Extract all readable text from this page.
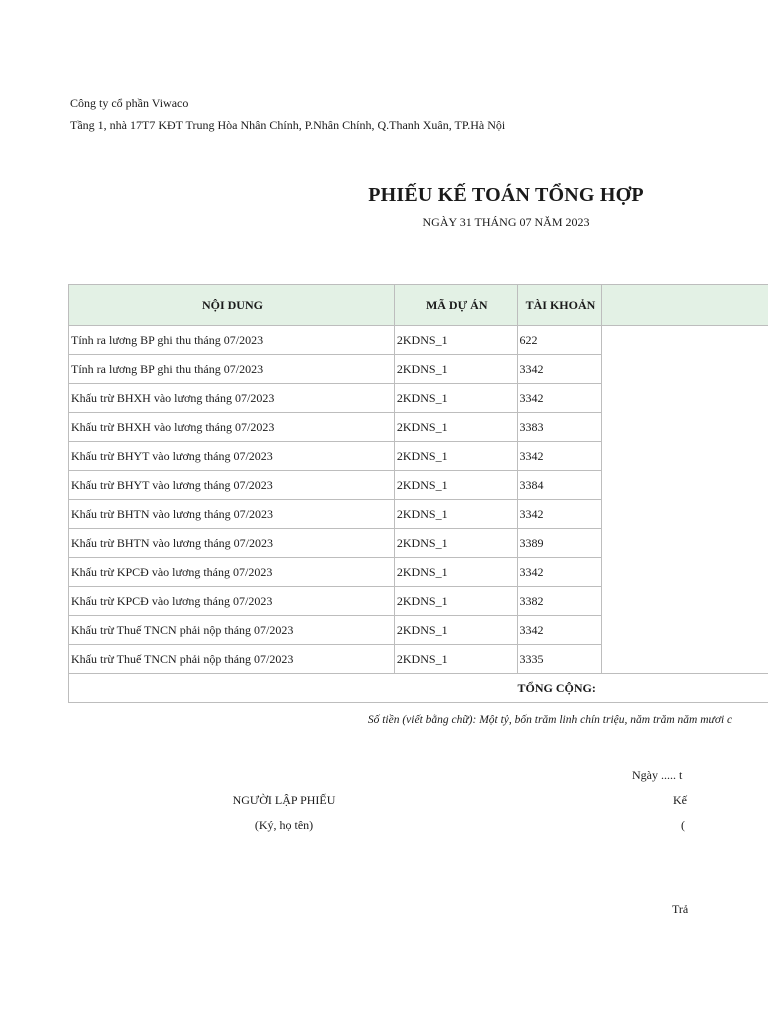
Công ty cổ phần Viwaco
Tầng 1, nhà 17T7 KĐT Trung Hòa Nhân Chính, P.Nhân Chính, Q.Thanh Xuân, TP.Hà Nội
PHIẾU KẾ TOÁN TỔNG HỢP
NGÀY 31 THÁNG 07 NĂM 2023
NỘI DUNG	MÃ DỰ ÁN	TÀI KHOẢN	
Tính ra lương BP ghi thu tháng 07/2023	2KDNS_1	622	
Tính ra lương BP ghi thu tháng 07/2023	2KDNS_1	3342	
Khấu trừ BHXH vào lương tháng 07/2023	2KDNS_1	3342	
Khấu trừ BHXH vào lương tháng 07/2023	2KDNS_1	3383	
Khấu trừ BHYT vào lương tháng 07/2023	2KDNS_1	3342	
Khấu trừ BHYT vào lương tháng 07/2023	2KDNS_1	3384	
Khấu trừ BHTN vào lương tháng 07/2023	2KDNS_1	3342	
Khấu trừ BHTN vào lương tháng 07/2023	2KDNS_1	3389	
Khấu trừ KPCĐ vào lương tháng 07/2023	2KDNS_1	3342	
Khấu trừ KPCĐ vào lương tháng 07/2023	2KDNS_1	3382	
Khấu trừ Thuế TNCN phải nộp tháng 07/2023	2KDNS_1	3342	
Khấu trừ Thuế TNCN phải nộp tháng 07/2023	2KDNS_1	3335	
TỔNG CỘNG:			
Số tiền (viết bằng chữ): Một tỷ, bốn trăm linh chín triệu, năm trăm năm mươi c
Ngày ..... t
NGƯỜI LẬP PHIẾU
(Ký, họ tên)
Kế
(
Trả
